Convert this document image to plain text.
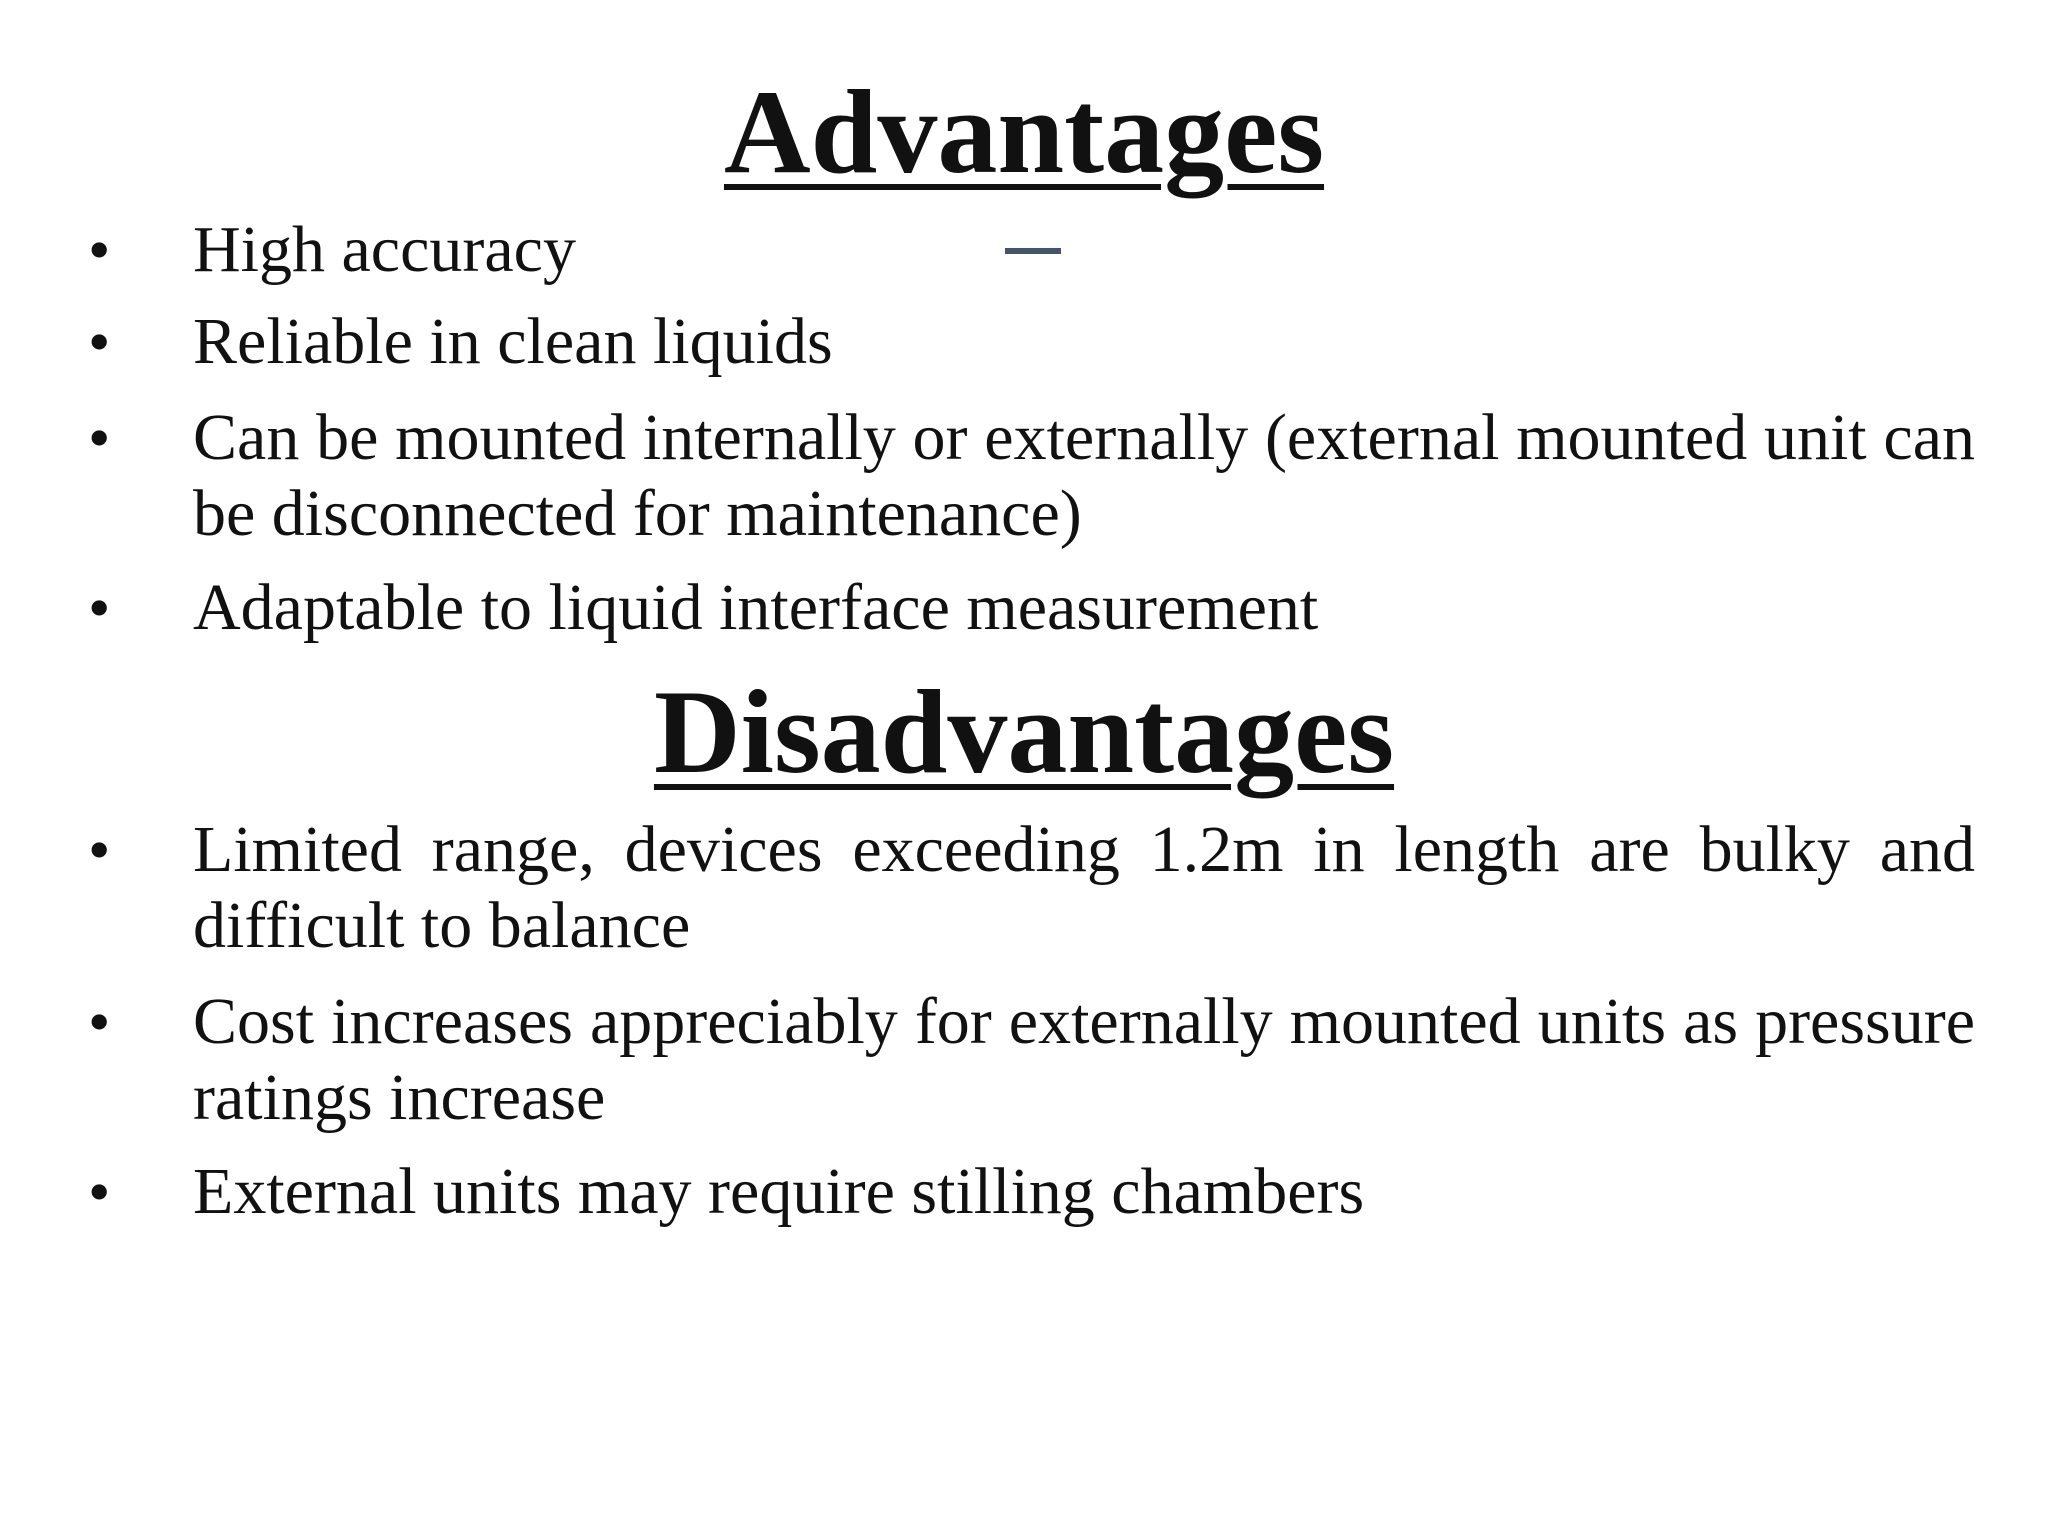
Advantages
• High accuracy

• Reliable in clean liquids

• Can be mounted internally or externally (external mounted unit can be disconnected for maintenance)

• Adaptable to liquid interface measurement

Disadvantages
• Limited range, devices exceeding 1.2m in length are bulky and difficult to balance

• Cost increases appreciably for externally mounted units as pressure ratings increase

• External units may require stilling chambers
